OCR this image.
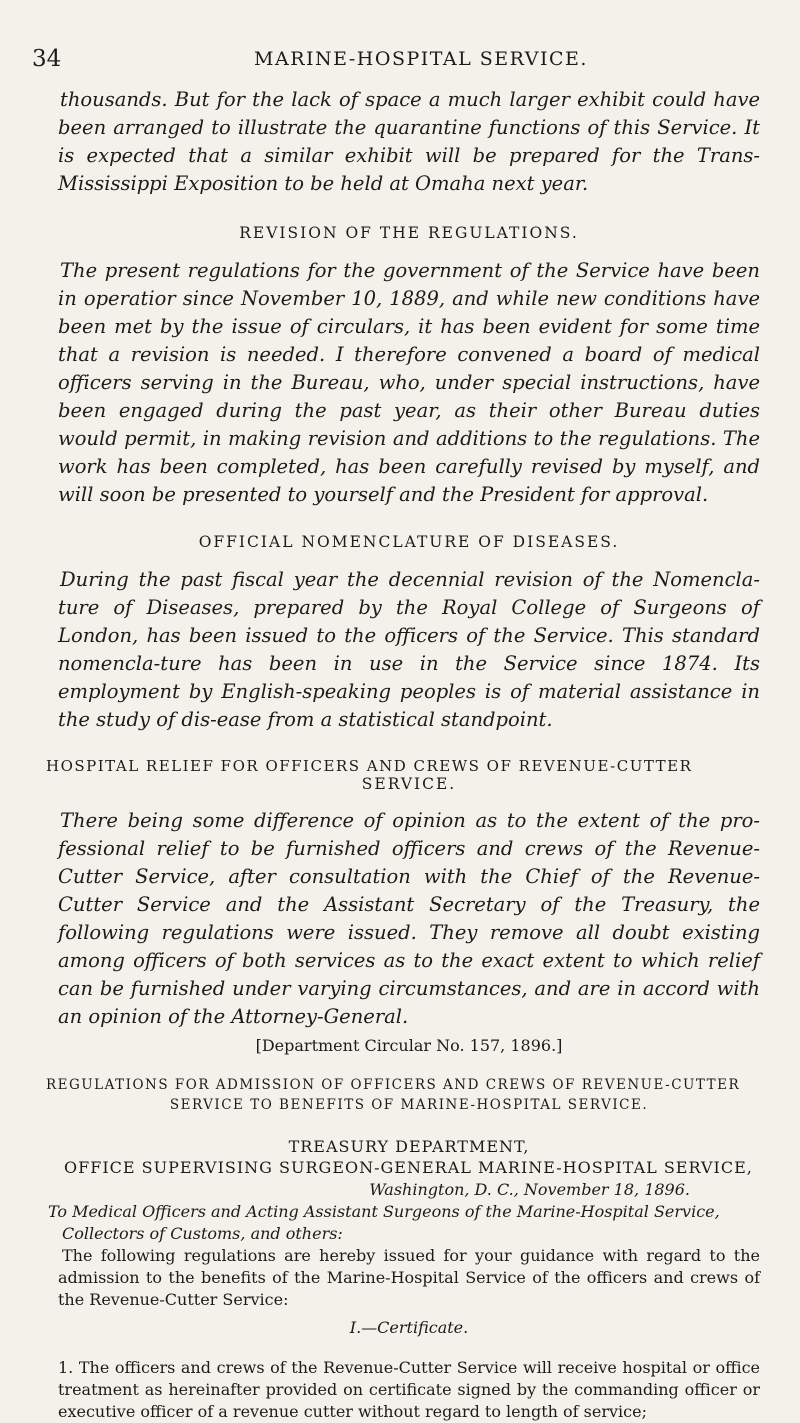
34	MARINE-HOSPITAL SERVICE.

thousands. But for the lack of space a much larger exhibit could have been arranged to illustrate the quarantine functions of this Service. It is expected that a similar exhibit will be prepared for the Trans-Mississippi Exposition to be held at Omaha next year.

REVISION OF THE REGULATIONS.

The present regulations for the government of the Service have been in operatior since November 10, 1889, and while new conditions have been met by the issue of circulars, it has been evident for some time that a revision is needed. I therefore convened a board of medical officers serving in the Bureau, who, under special instructions, have been engaged during the past year, as their other Bureau duties would permit, in making revision and additions to the regulations. The work has been completed, has been carefully revised by myself, and will soon be presented to yourself and the President for approval.

OFFICIAL NOMENCLATURE OF DISEASES.

During the past fiscal year the decennial revision of the Nomencla-ture of Diseases, prepared by the Royal College of Surgeons of London, has been issued to the officers of the Service. This standard nomencla-ture has been in use in the Service since 1874. Its employment by English-speaking peoples is of material assistance in the study of dis-ease from a statistical standpoint.

HOSPITAL RELIEF FOR OFFICERS AND CREWS OF REVENUE-CUTTER

SERVICE.

There being some difference of opinion as to the extent of the pro-fessional relief to be furnished officers and crews of the Revenue-Cutter Service, after consultation with the Chief of the Revenue-Cutter Service and the Assistant Secretary of the Treasury, the following regulations were issued. They remove all doubt existing among officers of both services as to the exact extent to which relief can be furnished under varying circumstances, and are in accord with an opinion of the Attorney-General.

[Department Circular No. 157, 1896.]

REGULATIONS FOR ADMISSION OF OFFICERS AND CREWS OF REVENUE-CUTTER

SERVICE TO BENEFITS OF MARINE-HOSPITAL SERVICE.

TREASURY DEPARTMENT,

OFFICE SUPERVISING SURGEON-GENERAL MARINE-HOSPITAL SERVICE,

Washington, D. C., November 18, 1896.

To Medical Officers and Acting Assistant Surgeons of the Marine-Hospital Service,

Collectors of Customs, and others:

The following regulations are hereby issued for your guidance with regard to the admission to the benefits of the Marine-Hospital Service of the officers and crews of the Revenue-Cutter Service:

I.—Certificate.

1. The officers and crews of the Revenue-Cutter Service will receive hospital or office treatment as hereinafter provided on certificate signed by the commanding officer or executive officer of a revenue cutter without regard to length of service;
